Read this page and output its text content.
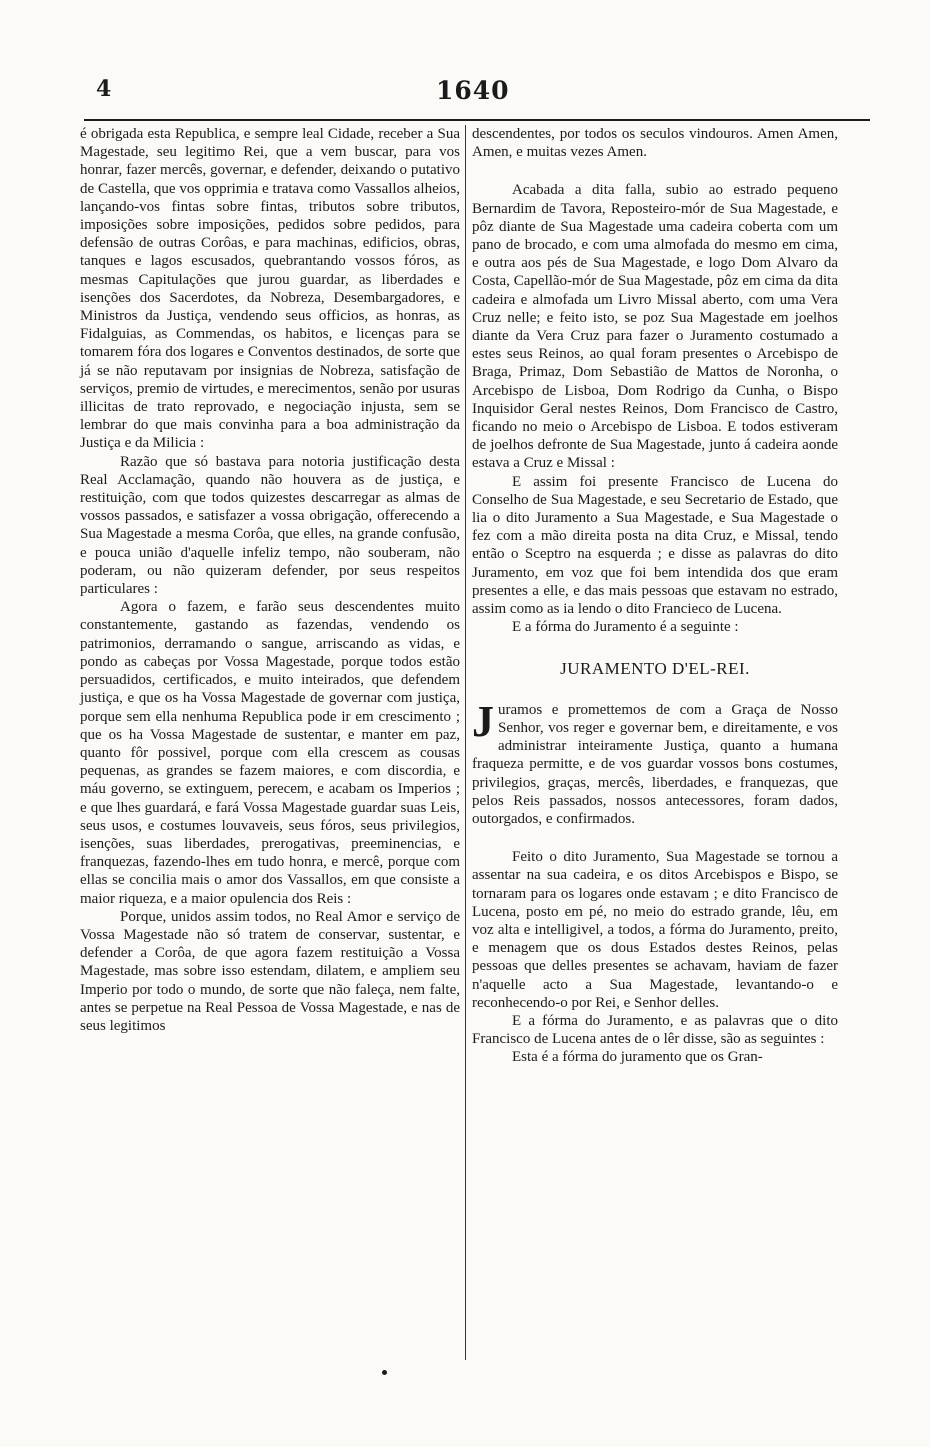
4	1640

é obrigada esta Republica, e sempre leal Cidade, receber a Sua Magestade, seu legitimo Rei, que a vem buscar, para vos honrar, fazer mercês, governar, e defender, deixando o putativo de Castella, que vos opprimia e tratava como Vassallos alheios, lançando-vos fintas sobre fintas, tributos sobre tributos, imposições sobre imposições, pedidos sobre pedidos, para defensão de outras Corôas, e para machinas, edificios, obras, tanques e lagos escusados, quebrantando vossos fóros, as mesmas Capitulações que jurou guardar, as liberdades e isenções dos Sacerdotes, da Nobreza, Desembargadores, e Ministros da Justiça, vendendo seus officios, as honras, as Fidalguias, as Commendas, os habitos, e licenças para se tomarem fóra dos logares e Conventos destinados, de sorte que já se não reputavam por insignias de Nobreza, satisfação de serviços, premio de virtudes, e merecimentos, senão por usuras illicitas de trato reprovado, e negociação injusta, sem se lembrar do que mais convinha para a boa administração da Justiça e da Milicia :

Razão que só bastava para notoria justificação desta Real Acclamação, quando não houvera as de justiça, e restituição, com que todos quizestes descarregar as almas de vossos passados, e satisfazer a vossa obrigação, offerecendo a Sua Magestade a mesma Corôa, que elles, na grande confusão, e pouca união d'aquelle infeliz tempo, não souberam, não poderam, ou não quizeram defender, por seus respeitos particulares :

Agora o fazem, e farão seus descendentes muito constantemente, gastando as fazendas, vendendo os patrimonios, derramando o sangue, arriscando as vidas, e pondo as cabeças por Vossa Magestade, porque todos estão persuadidos, certificados, e muito inteirados, que defendem justiça, e que os ha Vossa Magestade de governar com justiça, porque sem ella nenhuma Republica pode ir em crescimento ; que os ha Vossa Magestade de sustentar, e manter em paz, quanto fôr possivel, porque com ella crescem as cousas pequenas, as grandes se fazem maiores, e com discordia, e máu governo, se extinguem, perecem, e acabam os Imperios ; e que lhes guardará, e fará Vossa Magestade guardar suas Leis, seus usos, e costumes louvaveis, seus fóros, seus privilegios, isenções, suas liberdades, prerogativas, preeminencias, e franquezas, fazendo-lhes em tudo honra, e mercê, porque com ellas se concilia mais o amor dos Vassallos, em que consiste a maior riqueza, e a maior opulencia dos Reis :

Porque, unidos assim todos, no Real Amor e serviço de Vossa Magestade não só tratem de conservar, sustentar, e defender a Corôa, de que agora fazem restituição a Vossa Magestade, mas sobre isso estendam, dilatem, e ampliem seu Imperio por todo o mundo, de sorte que não faleça, nem falte, antes se perpetue na Real Pessoa de Vossa Magestade, e nas de seus legitimos

descendentes, por todos os seculos vindouros. Amen Amen, Amen, e muitas vezes Amen.

Acabada a dita falla, subio ao estrado pequeno Bernardim de Tavora, Reposteiro-mór de Sua Magestade, e pôz diante de Sua Magestade uma cadeira coberta com um pano de brocado, e com uma almofada do mesmo em cima, e outra aos pés de Sua Magestade, e logo Dom Alvaro da Costa, Capellão-mór de Sua Magestade, pôz em cima da dita cadeira e almofada um Livro Missal aberto, com uma Vera Cruz nelle; e feito isto, se poz Sua Magestade em joelhos diante da Vera Cruz para fazer o Juramento costumado a estes seus Reinos, ao qual foram presentes o Arcebispo de Braga, Primaz, Dom Sebastião de Mattos de Noronha, o Arcebispo de Lisboa, Dom Rodrigo da Cunha, o Bispo Inquisidor Geral nestes Reinos, Dom Francisco de Castro, ficando no meio o Arcebispo de Lisboa. E todos estiveram de joelhos defronte de Sua Magestade, junto á cadeira aonde estava a Cruz e Missal :

E assim foi presente Francisco de Lucena do Conselho de Sua Magestade, e seu Secretario de Estado, que lia o dito Juramento a Sua Magestade, e Sua Magestade o fez com a mão direita posta na dita Cruz, e Missal, tendo então o Sceptro na esquerda ; e disse as palavras do dito Juramento, em voz que foi bem intendida dos que eram presentes a elle, e das mais pessoas que estavam no estrado, assim como as ia lendo o dito Francieco de Lucena.

E a fórma do Juramento é a seguinte :

JURAMENTO D'EL-REI.
J uramos e promettemos de com a Graça de Nosso Senhor, vos reger e governar bem, e direitamente, e vos administrar inteiramente Justiça, quanto a humana fraqueza permitte, e de vos guardar vossos bons costumes, privilegios, graças, mercês, liberdades, e franquezas, que pelos Reis passados, nossos antecessores, foram dados, outorgados, e confirmados.

Feito o dito Juramento, Sua Magestade se tornou a assentar na sua cadeira, e os ditos Arcebispos e Bispo, se tornaram para os logares onde estavam ; e dito Francisco de Lucena, posto em pé, no meio do estrado grande, lêu, em voz alta e intelligivel, a todos, a fórma do Juramento, preito, e menagem que os dous Estados destes Reinos, pelas pessoas que delles presentes se achavam, haviam de fazer n'aquelle acto a Sua Magestade, levantando-o e reconhecendo-o por Rei, e Senhor delles.

E a fórma do Juramento, e as palavras que o dito Francisco de Lucena antes de o lêr disse, são as seguintes :

Esta é a fórma do juramento que os Gran-
